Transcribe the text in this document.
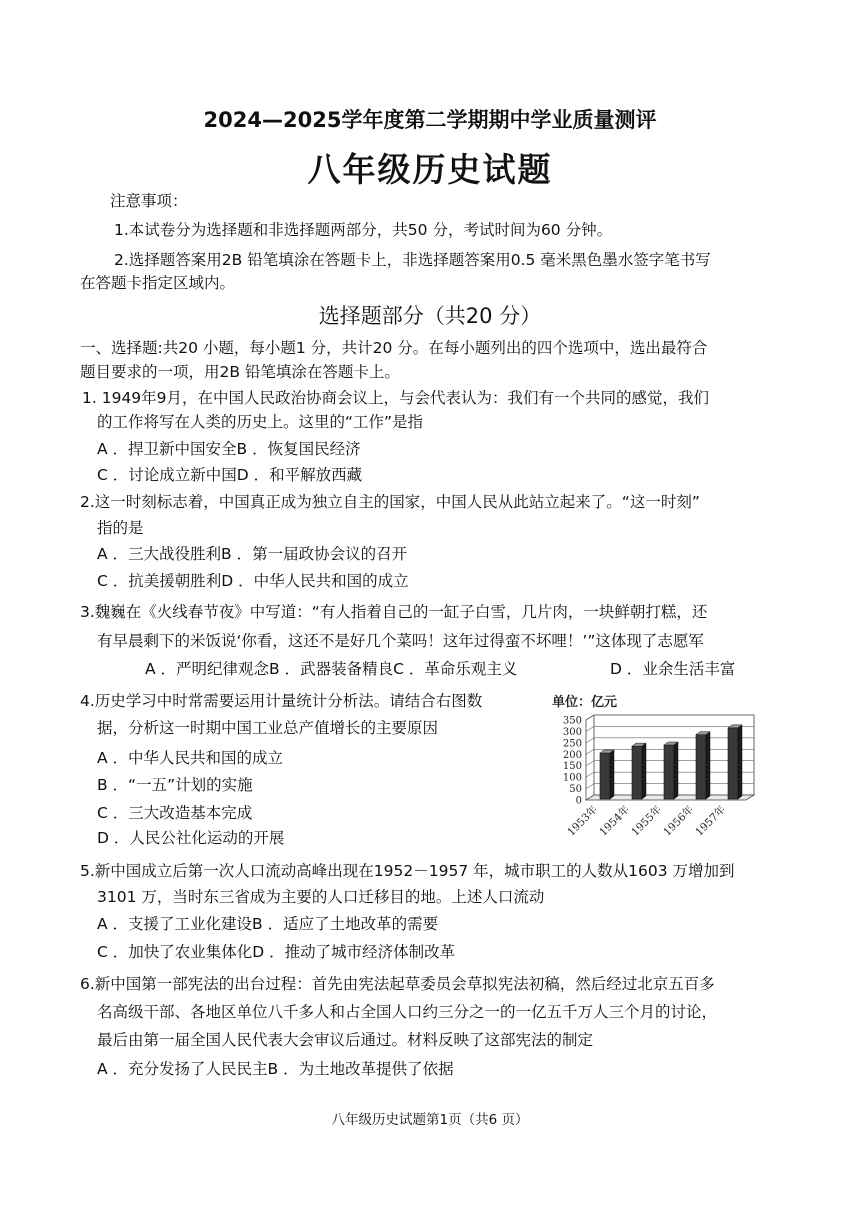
2024—2025学年度第二学期期中学业质量测评
八年级历史试题
注意事项：
1.本试卷分为选择题和非选择题两部分，共50 分，考试时间为60 分钟。
2.选择题答案用2B 铅笔填涂在答题卡上，非选择题答案用0.5 毫米黑色墨水签字笔书写
在答题卡指定区域内。
选择题部分（共20 分）
一、选择题:共20 小题，每小题1 分，共计20 分。在每小题列出的四个选项中，选出最符合
题目要求的一项，用2B 铅笔填涂在答题卡上。
1. 1949年9月，在中国人民政治协商会议上，与会代表认为：我们有一个共同的感觉，我们
的工作将写在人类的历史上。这里的“工作”是指
A ．捍卫新中国安全B ．恢复国民经济
C ．讨论成立新中国D ．和平解放西藏
2.这一时刻标志着，中国真正成为独立自主的国家，中国人民从此站立起来了。“这一时刻”
指的是
A ．三大战役胜利B ．第一届政协会议的召开
C ．抗美援朝胜利D ．中华人民共和国的成立
3.魏巍在《火线春节夜》中写道：“有人指着自己的一缸子白雪，几片肉，一块鲜朝打糕，还
有早晨剩下的米饭说‘你看，这还不是好几个菜吗！这年过得蛮不坏哩！’”这体现了志愿军
A ．严明纪律观念B ．武器装备精良C ．革命乐观主义	D ．业余生活丰富
4.历史学习中时常需要运用计量统计分析法。请结合右图数
据，分析这一时期中国工业总产值增长的主要原因
A ．中华人民共和国的成立
B ．“一五”计划的实施
C ．三大改造基本完成
D ．人民公社化运动的开展
单位：亿元
0
50
100
150
200
250
300
350
1953年
1954年
1955年
1956年
1957年
5.新中国成立后第一次人口流动高峰出现在1952－1957 年，城市职工的人数从1603 万增加到
3101 万，当时东三省成为主要的人口迁移目的地。上述人口流动
A ．支援了工业化建设B ．适应了土地改革的需要
C ．加快了农业集体化D ．推动了城市经济体制改革
6.新中国第一部宪法的出台过程：首先由宪法起草委员会草拟宪法初稿，然后经过北京五百多
名高级干部、各地区单位八千多人和占全国人口约三分之一的一亿五千万人三个月的讨论，
最后由第一届全国人民代表大会审议后通过。材料反映了这部宪法的制定
A ．充分发扬了人民民主B ．为土地改革提供了依据
八年级历史试题第1页（共6 页）
